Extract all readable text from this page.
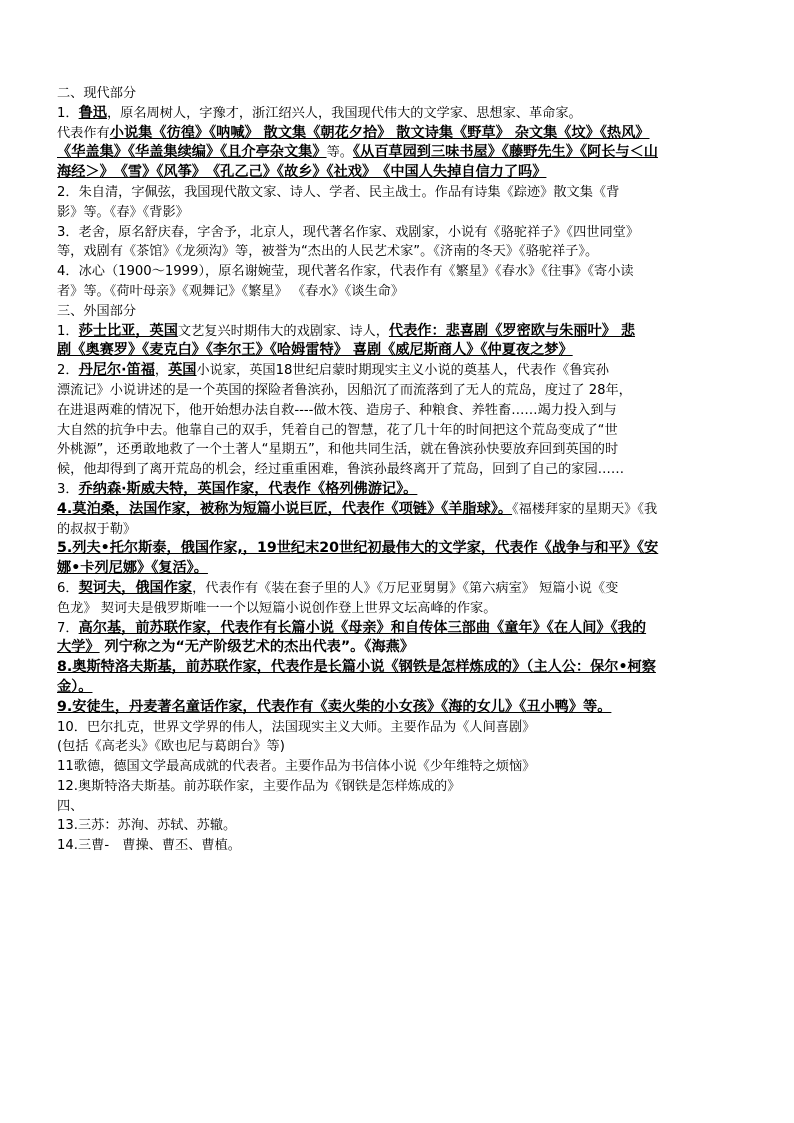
二、现代部分
1．鲁迅，原名周树人，字豫才，浙江绍兴人，我国现代伟大的文学家、思想家、革命家。
代表作有小说集《彷徨》《呐喊》 散文集《朝花夕拾》 散文诗集《野草》 杂文集《坟》《热风》
《华盖集》《华盖集续编》《且介亭杂文集》等。《从百草园到三味书屋》《藤野先生》《阿长与＜山
海经＞》　《雪》《风筝》　《孔乙己》《故乡》《社戏》　《中国人失掉自信力了吗》
2．朱自清，字佩弦，我国现代散文家、诗人、学者、民主战士。作品有诗集《踪迹》散文集《背
影》等。《春》《背影》
3．老舍，原名舒庆春，字舍予，北京人，现代著名作家、戏剧家，小说有《骆驼祥子》《四世同堂》
等，戏剧有《茶馆》《龙须沟》等，被誉为“杰出的人民艺术家”。《济南的冬天》《骆驼祥子》。
4．冰心（1900～1999），原名谢婉莹，现代著名作家，代表作有《繁星》《春水》《往事》《寄小读
者》等。《荷叶母亲》《观舞记》《繁星》 《春水》《谈生命》
三、外国部分
1．莎士比亚，英国文艺复兴时期伟大的戏剧家、诗人，代表作：悲喜剧《罗密欧与朱丽叶》 悲
剧《奥赛罗》《麦克白》《李尔王》《哈姆雷特》 喜剧《威尼斯商人》《仲夏夜之梦》
2．丹尼尔·笛福，英国小说家，英国18世纪启蒙时期现实主义小说的奠基人，代表作《鲁宾孙
漂流记》小说讲述的是一个英国的探险者鲁滨孙，因船沉了而流落到了无人的荒岛，度过了 28年，
在进退两难的情况下，他开始想办法自救----做木筏、造房子、种粮食、养牲畜……竭力投入到与
大自然的抗争中去。他靠自己的双手，凭着自己的智慧，花了几十年的时间把这个荒岛变成了“世
外桃源”，还勇敢地救了一个土著人“星期五”，和他共同生活，就在鲁滨孙快要放弃回到英国的时
候，他却得到了离开荒岛的机会，经过重重困难，鲁滨孙最终离开了荒岛，回到了自己的家园……
3．乔纳森·斯威夫特，英国作家，代表作《格列佛游记》。
4.莫泊桑，法国作家，被称为短篇小说巨匠，代表作《项链》《羊脂球》。《福楼拜家的星期天》《我
的叔叔于勒》
5.列夫•托尔斯泰，俄国作家,，19世纪末20世纪初最伟大的文学家，代表作《战争与和平》《安
娜•卡列尼娜》《复活》。
6．契诃夫，俄国作家，代表作有《装在套子里的人》《万尼亚舅舅》《第六病室》 短篇小说《变
色龙》 契诃夫是俄罗斯唯一一个以短篇小说创作登上世界文坛高峰的作家。
7．高尔基，前苏联作家，代表作有长篇小说《母亲》和自传体三部曲《童年》《在人间》《我的
大学》 列宁称之为“无产阶级艺术的杰出代表”。《海燕》
8.奥斯特洛夫斯基，前苏联作家，代表作是长篇小说《钢铁是怎样炼成的》（主人公：保尔•柯察
金）。
9.安徒生，丹麦著名童话作家，代表作有《卖火柴的小女孩》《海的女儿》《丑小鸭》等。
10．巴尔扎克，世界文学界的伟人，法国现实主义大师。主要作品为《人间喜剧》
(包括《高老头》《欧也尼与葛朗台》等)
11歌德，德国文学最高成就的代表者。主要作品为书信体小说《少年维特之烦恼》
12.奥斯特洛夫斯基。前苏联作家，主要作品为《钢铁是怎样炼成的》
四、
13.三苏：苏洵、苏轼、苏辙。
14.三曹-　曹操、曹丕、曹植。
